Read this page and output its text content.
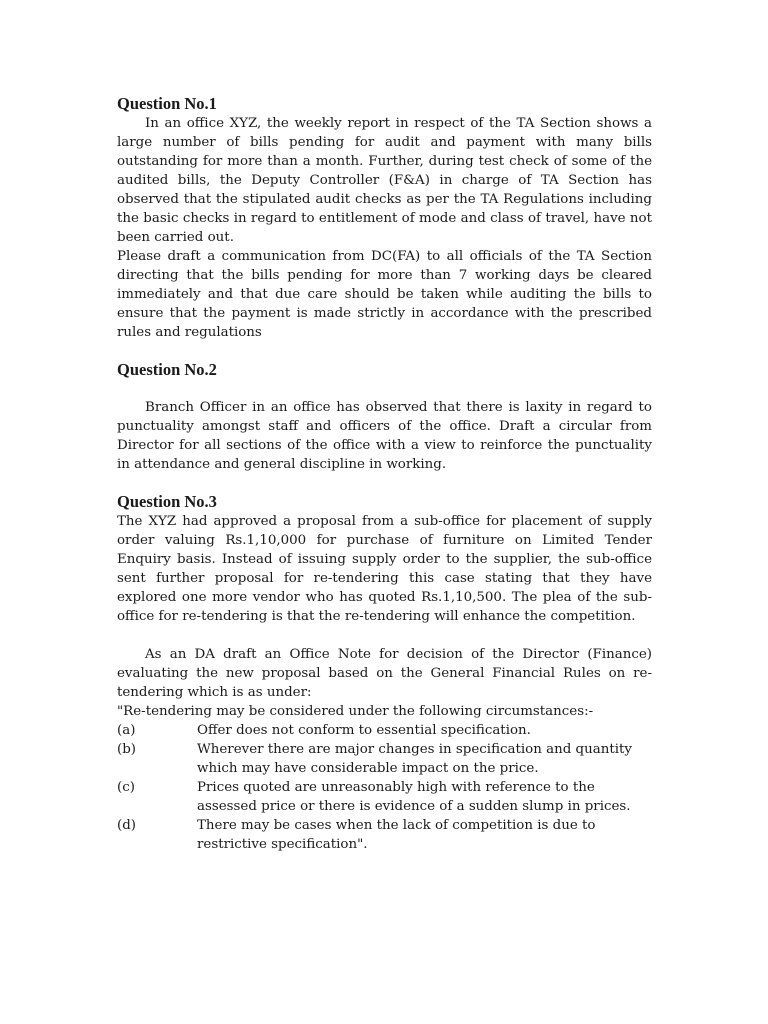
Question No.1

In an office XYZ, the weekly report in respect of the TA Section shows a large number of bills pending for audit and payment with many bills outstanding for more than a month. Further, during test check of some of the audited bills, the Deputy Controller (F&A) in charge of TA Section has observed that the stipulated audit checks as per the TA Regulations including the basic checks in regard to entitlement of mode and class of travel, have not been carried out.

Please draft a communication from DC(FA) to all officials of the TA Section directing that the bills pending for more than 7 working days be cleared immediately and that due care should be taken while auditing the bills to ensure that the payment is made strictly in accordance with the prescribed rules and regulations

Question No.2

Branch Officer in an office has observed that there is laxity in regard to punctuality amongst staff and officers of the office. Draft a circular from Director for all sections of the office with a view to reinforce the punctuality in attendance and general discipline in working.

Question No.3

The XYZ had approved a proposal from a sub-office for placement of supply order valuing Rs.1,10,000 for purchase of furniture on Limited Tender Enquiry basis. Instead of issuing supply order to the supplier, the sub-office sent further proposal for re-tendering this case stating that they have explored one more vendor who has quoted Rs.1,10,500. The plea of the sub-office for re-tendering is that the re-tendering will enhance the competition.

As an DA draft an Office Note for decision of the Director (Finance) evaluating the new proposal based on the General Financial Rules on re-tendering which is as under:

"Re-tendering may be considered under the following circumstances:-

(a)	Offer does not conform to essential specification.
(b)	Wherever there are major changes in specification and quantity which may have considerable impact on the price.
(c)	Prices quoted are unreasonably high with reference to the assessed price or there is evidence of a sudden slump in prices.
(d)	There may be cases when the lack of competition is due to restrictive specification".
